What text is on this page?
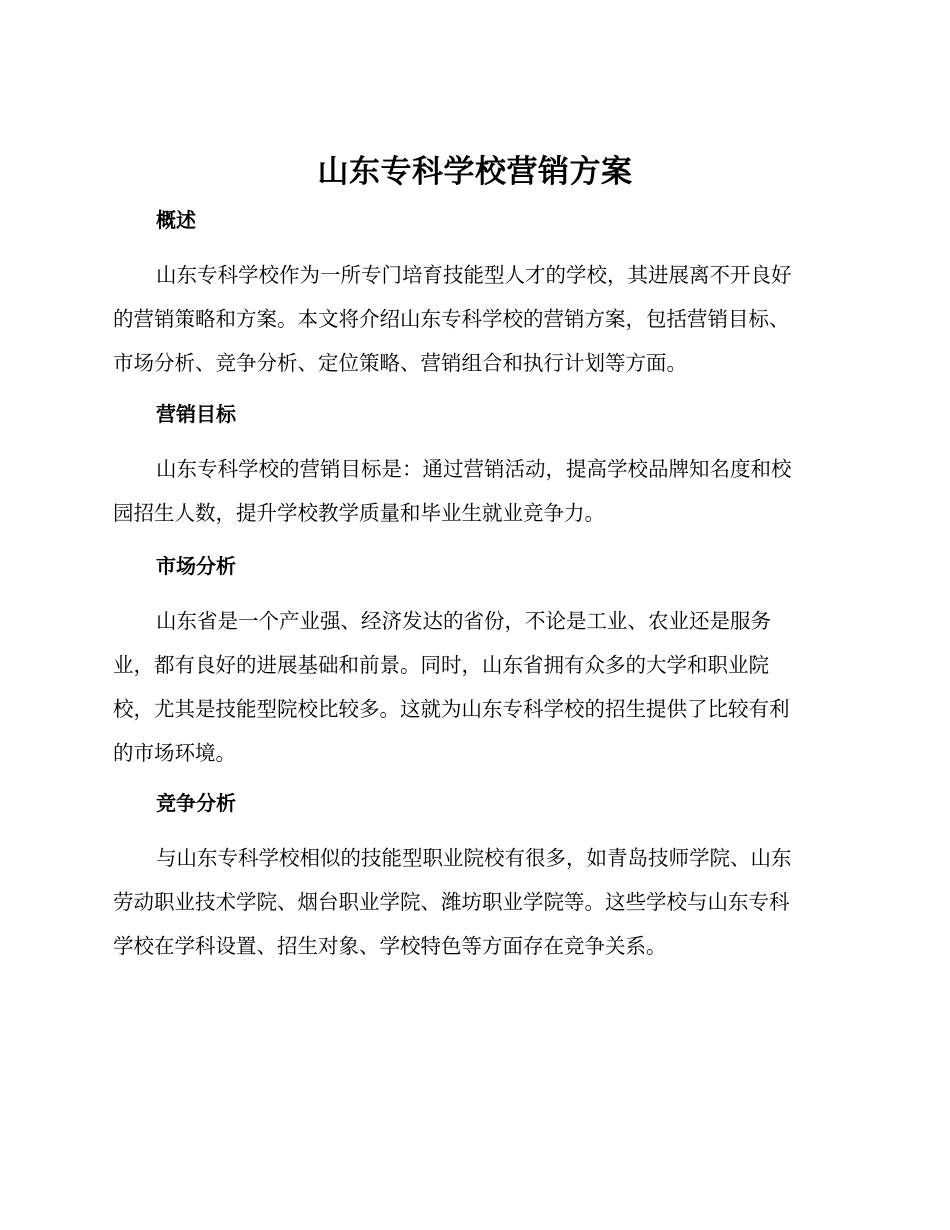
山东专科学校营销方案
概述
山东专科学校作为一所专门培育技能型人才的学校，其进展离不开良好
的营销策略和方案。本文将介绍山东专科学校的营销方案，包括营销目标、
市场分析、竞争分析、定位策略、营销组合和执行计划等方面。
营销目标
山东专科学校的营销目标是：通过营销活动，提高学校品牌知名度和校
园招生人数，提升学校教学质量和毕业生就业竞争力。
市场分析
山东省是一个产业强、经济发达的省份，不论是工业、农业还是服务
业，都有良好的进展基础和前景。同时，山东省拥有众多的大学和职业院
校，尤其是技能型院校比较多。这就为山东专科学校的招生提供了比较有利
的市场环境。
竞争分析
与山东专科学校相似的技能型职业院校有很多，如青岛技师学院、山东
劳动职业技术学院、烟台职业学院、潍坊职业学院等。这些学校与山东专科
学校在学科设置、招生对象、学校特色等方面存在竞争关系。
